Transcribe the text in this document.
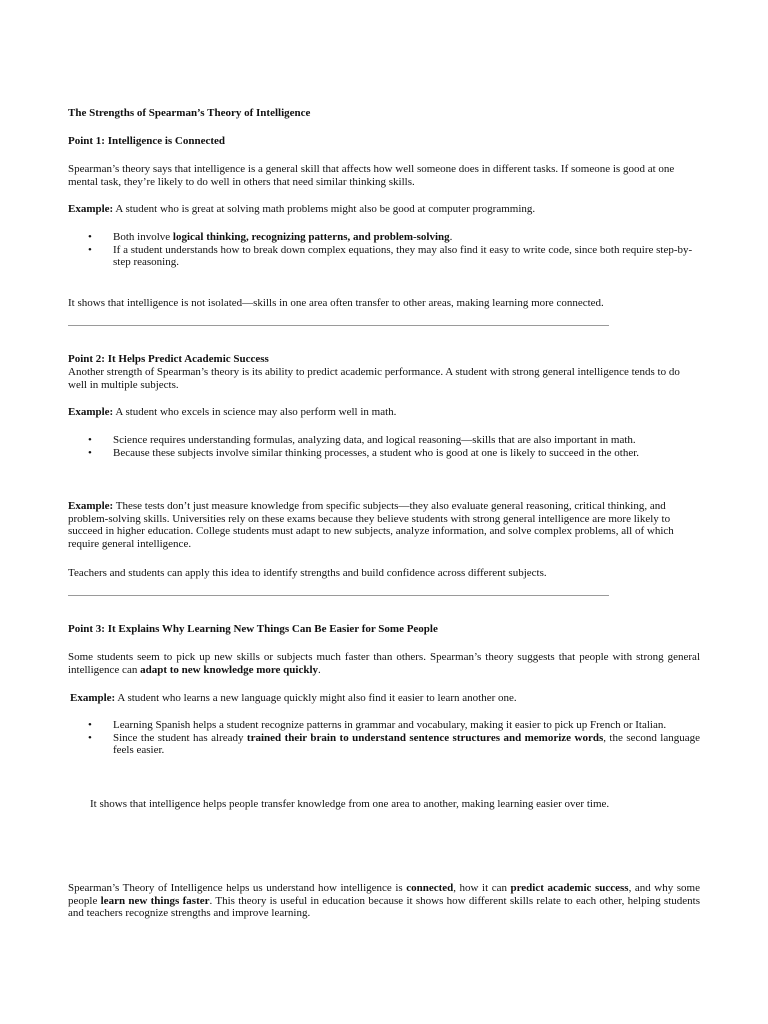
The Strengths of Spearman’s Theory of Intelligence

Point 1: Intelligence is Connected

Spearman’s theory says that intelligence is a general skill that affects how well someone does in different tasks. If someone is good at one mental task, they’re likely to do well in others that need similar thinking skills.

Example: A student who is great at solving math problems might also be good at computer programming.

•	Both involve logical thinking, recognizing patterns, and problem-solving.
•	If a student understands how to break down complex equations, they may also find it easy to write code, since both require step-by-step reasoning.

It shows that intelligence is not isolated—skills in one area often transfer to other areas, making learning more connected.

Point 2: It Helps Predict Academic Success

Another strength of Spearman’s theory is its ability to predict academic performance. A student with strong general intelligence tends to do well in multiple subjects.

Example: A student who excels in science may also perform well in math.

•	Science requires understanding formulas, analyzing data, and logical reasoning—skills that are also important in math.
•	Because these subjects involve similar thinking processes, a student who is good at one is likely to succeed in the other.

Example: These tests don’t just measure knowledge from specific subjects—they also evaluate general reasoning, critical thinking, and problem-solving skills. Universities rely on these exams because they believe students with strong general intelligence are more likely to succeed in higher education. College students must adapt to new subjects, analyze information, and solve complex problems, all of which require general intelligence.

Teachers and students can apply this idea to identify strengths and build confidence across different subjects.

Point 3: It Explains Why Learning New Things Can Be Easier for Some People

Some students seem to pick up new skills or subjects much faster than others. Spearman’s theory suggests that people with strong general intelligence can adapt to new knowledge more quickly.

Example: A student who learns a new language quickly might also find it easier to learn another one.

•	Learning Spanish helps a student recognize patterns in grammar and vocabulary, making it easier to pick up French or Italian.
•	Since the student has already trained their brain to understand sentence structures and memorize words, the second language feels easier.

It shows that intelligence helps people transfer knowledge from one area to another, making learning easier over time.

Spearman’s Theory of Intelligence helps us understand how intelligence is connected, how it can predict academic success, and why some people learn new things faster. This theory is useful in education because it shows how different skills relate to each other, helping students and teachers recognize strengths and improve learning.
